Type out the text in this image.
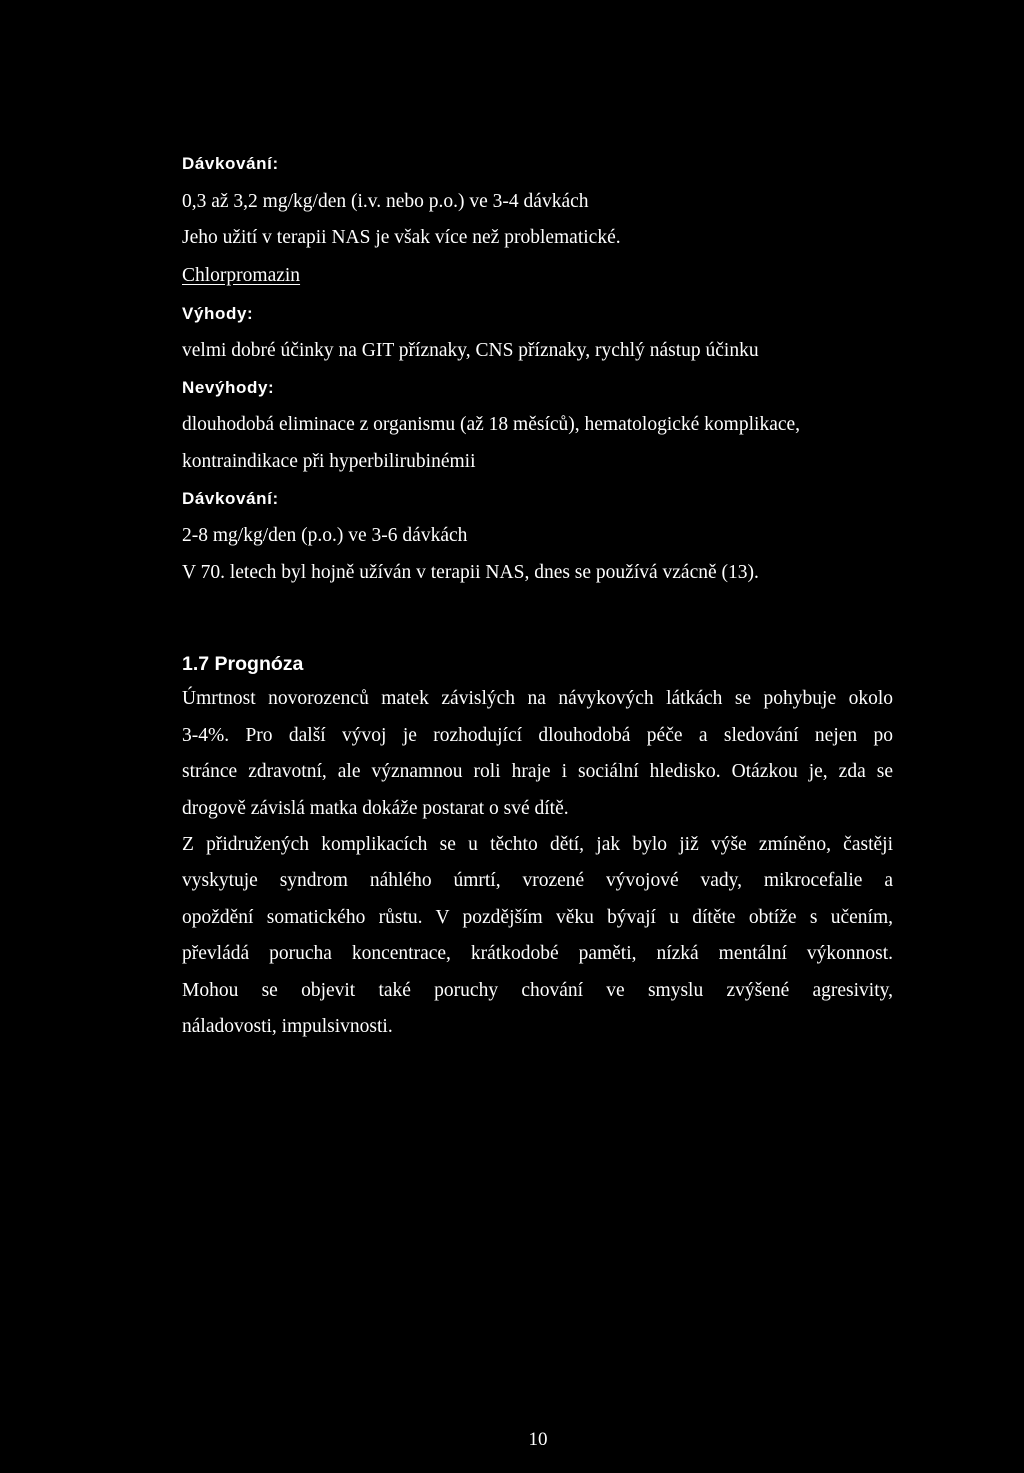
Dávkování:
0,3 až 3,2 mg/kg/den (i.v. nebo p.o.) ve 3-4 dávkách
Jeho užití v terapii NAS je však více než problematické.
Chlorpromazin
Výhody:
velmi dobré účinky na GIT příznaky, CNS příznaky, rychlý nástup účinku
Nevýhody:
dlouhodobá eliminace z organismu (až 18 měsíců), hematologické komplikace,
kontraindikace při hyperbilirubinémii
Dávkování:
2-8 mg/kg/den (p.o.) ve 3-6 dávkách
V 70. letech byl hojně užíván v terapii NAS, dnes se používá vzácně (13).
1.7 Prognóza
Úmrtnost novorozenců matek závislých na návykových látkách se pohybuje okolo
3-4%. Pro další vývoj je rozhodující dlouhodobá péče a sledování nejen po
stránce zdravotní, ale významnou roli hraje i sociální hledisko. Otázkou je, zda se
drogově závislá matka dokáže postarat o své dítě.
Z přidružených komplikacích se u těchto dětí, jak bylo již výše zmíněno, častěji
vyskytuje syndrom náhlého úmrtí, vrozené vývojové vady, mikrocefalie a
opoždění somatického růstu. V pozdějším věku bývají u dítěte obtíže s učením,
převládá porucha koncentrace, krátkodobé paměti, nízká mentální výkonnost.
Mohou se objevit také poruchy chování ve smyslu zvýšené agresivity,
náladovosti, impulsivnosti.
10
